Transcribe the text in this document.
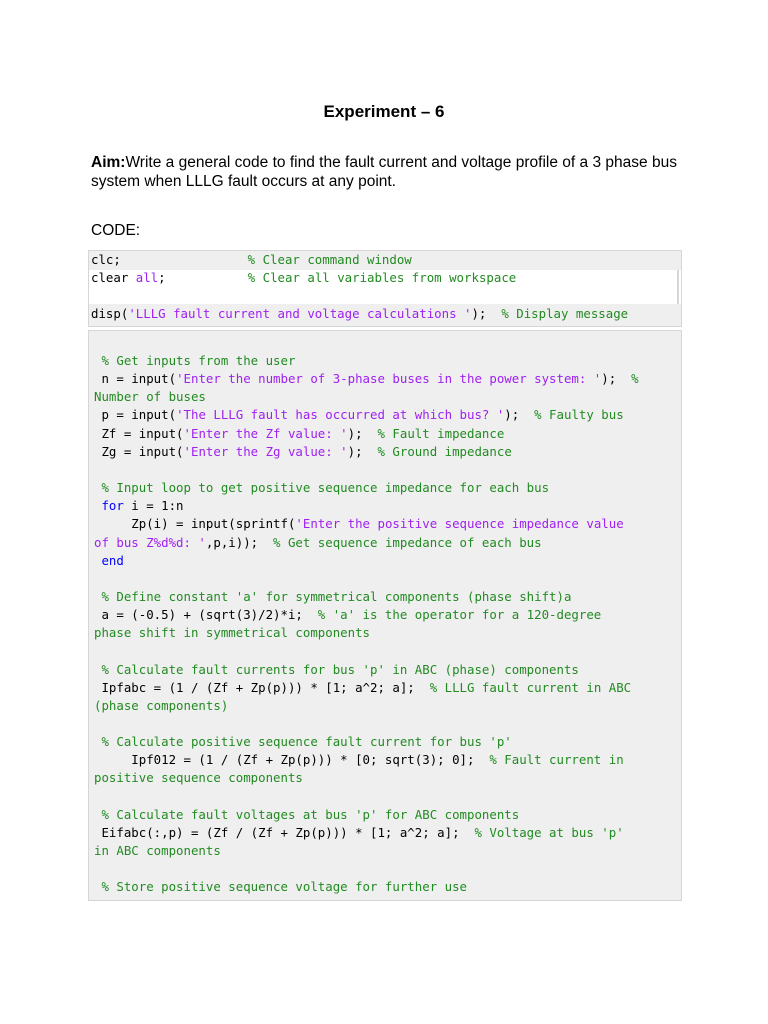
Experiment – 6
Aim:Write a general code to find the fault current and voltage profile of a 3 phase bus system when LLLG fault occurs at any point.
CODE:
clc;                 % Clear command window
clear all;           % Clear all variables from workspace
disp('LLLG fault current and voltage calculations ');  % Display message
% Get inputs from the user
n = input('Enter the number of 3-phase buses in the power system: ');  %
Number of buses
p = input('The LLLG fault has occurred at which bus? ');  % Faulty bus
Zf = input('Enter the Zf value: ');  % Fault impedance
Zg = input('Enter the Zg value: ');  % Ground impedance
% Input loop to get positive sequence impedance for each bus
for i = 1:n
Zp(i) = input(sprintf('Enter the positive sequence impedance value
of bus Z%d%d: ',p,i));  % Get sequence impedance of each bus
end
% Define constant 'a' for symmetrical components (phase shift)a
a = (-0.5) + (sqrt(3)/2)*i;  % 'a' is the operator for a 120-degree
phase shift in symmetrical components
% Calculate fault currents for bus 'p' in ABC (phase) components
Ipfabc = (1 / (Zf + Zp(p))) * [1; a^2; a];  % LLLG fault current in ABC
(phase components)
% Calculate positive sequence fault current for bus 'p'
Ipf012 = (1 / (Zf + Zp(p))) * [0; sqrt(3); 0];  % Fault current in
positive sequence components
% Calculate fault voltages at bus 'p' for ABC components
Eifabc(:,p) = (Zf / (Zf + Zp(p))) * [1; a^2; a];  % Voltage at bus 'p'
in ABC components
% Store positive sequence voltage for further use
